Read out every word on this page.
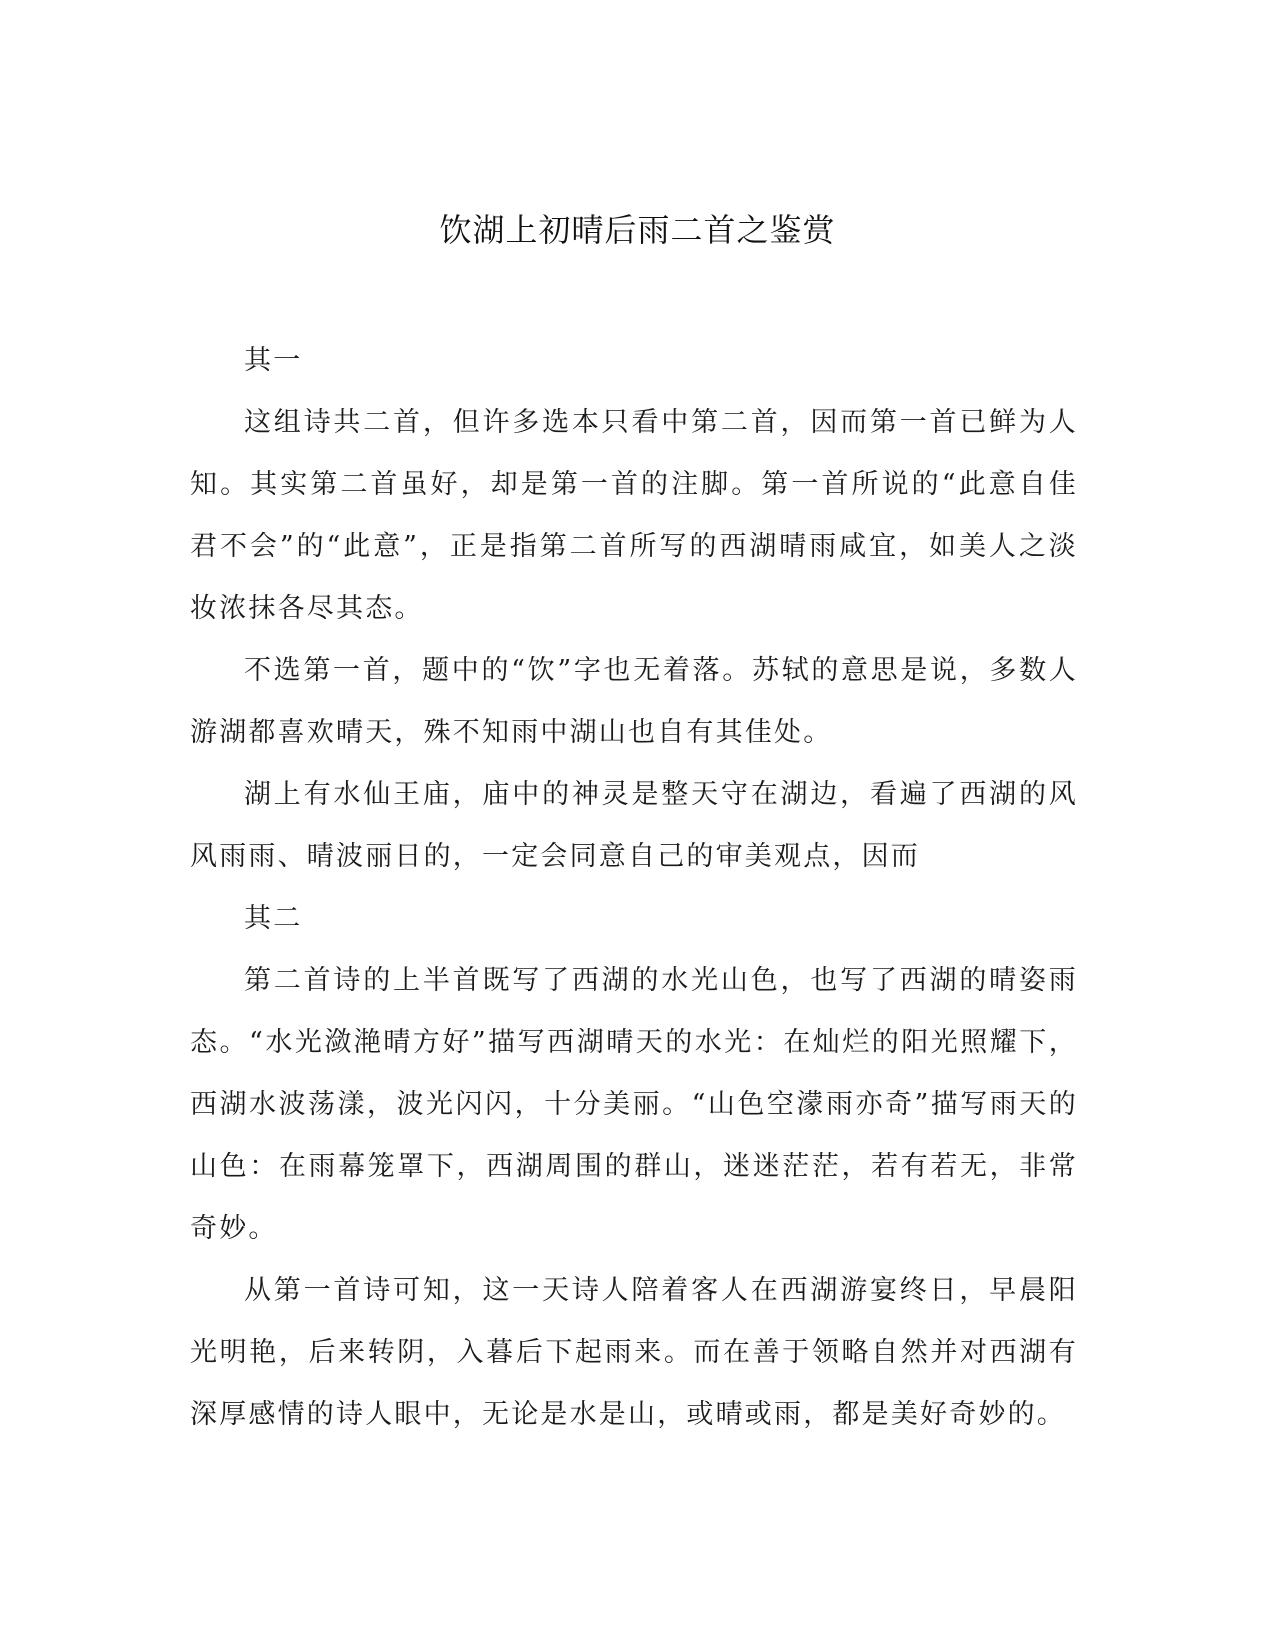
饮湖上初晴后雨二首之鉴赏

其一

这组诗共二首，但许多选本只看中第二首，因而第一首已鲜为人知。其实第二首虽好，却是第一首的注脚。第一首所说的“此意自佳君不会”的“此意”，正是指第二首所写的西湖晴雨咸宜，如美人之淡妆浓抹各尽其态。

不选第一首，题中的“饮”字也无着落。苏轼的意思是说，多数人游湖都喜欢晴天，殊不知雨中湖山也自有其佳处。

湖上有水仙王庙，庙中的神灵是整天守在湖边，看遍了西湖的风风雨雨、晴波丽日的，一定会同意自己的审美观点，因而

其二

第二首诗的上半首既写了西湖的水光山色，也写了西湖的晴姿雨态。“水光潋滟晴方好”描写西湖晴天的水光：在灿烂的阳光照耀下，西湖水波荡漾，波光闪闪，十分美丽。“山色空濛雨亦奇”描写雨天的山色：在雨幕笼罩下，西湖周围的群山，迷迷茫茫，若有若无，非常奇妙。

从第一首诗可知，这一天诗人陪着客人在西湖游宴终日，早晨阳光明艳，后来转阴，入暮后下起雨来。而在善于领略自然并对西湖有深厚感情的诗人眼中，无论是水是山，或晴或雨，都是美好奇妙的。
